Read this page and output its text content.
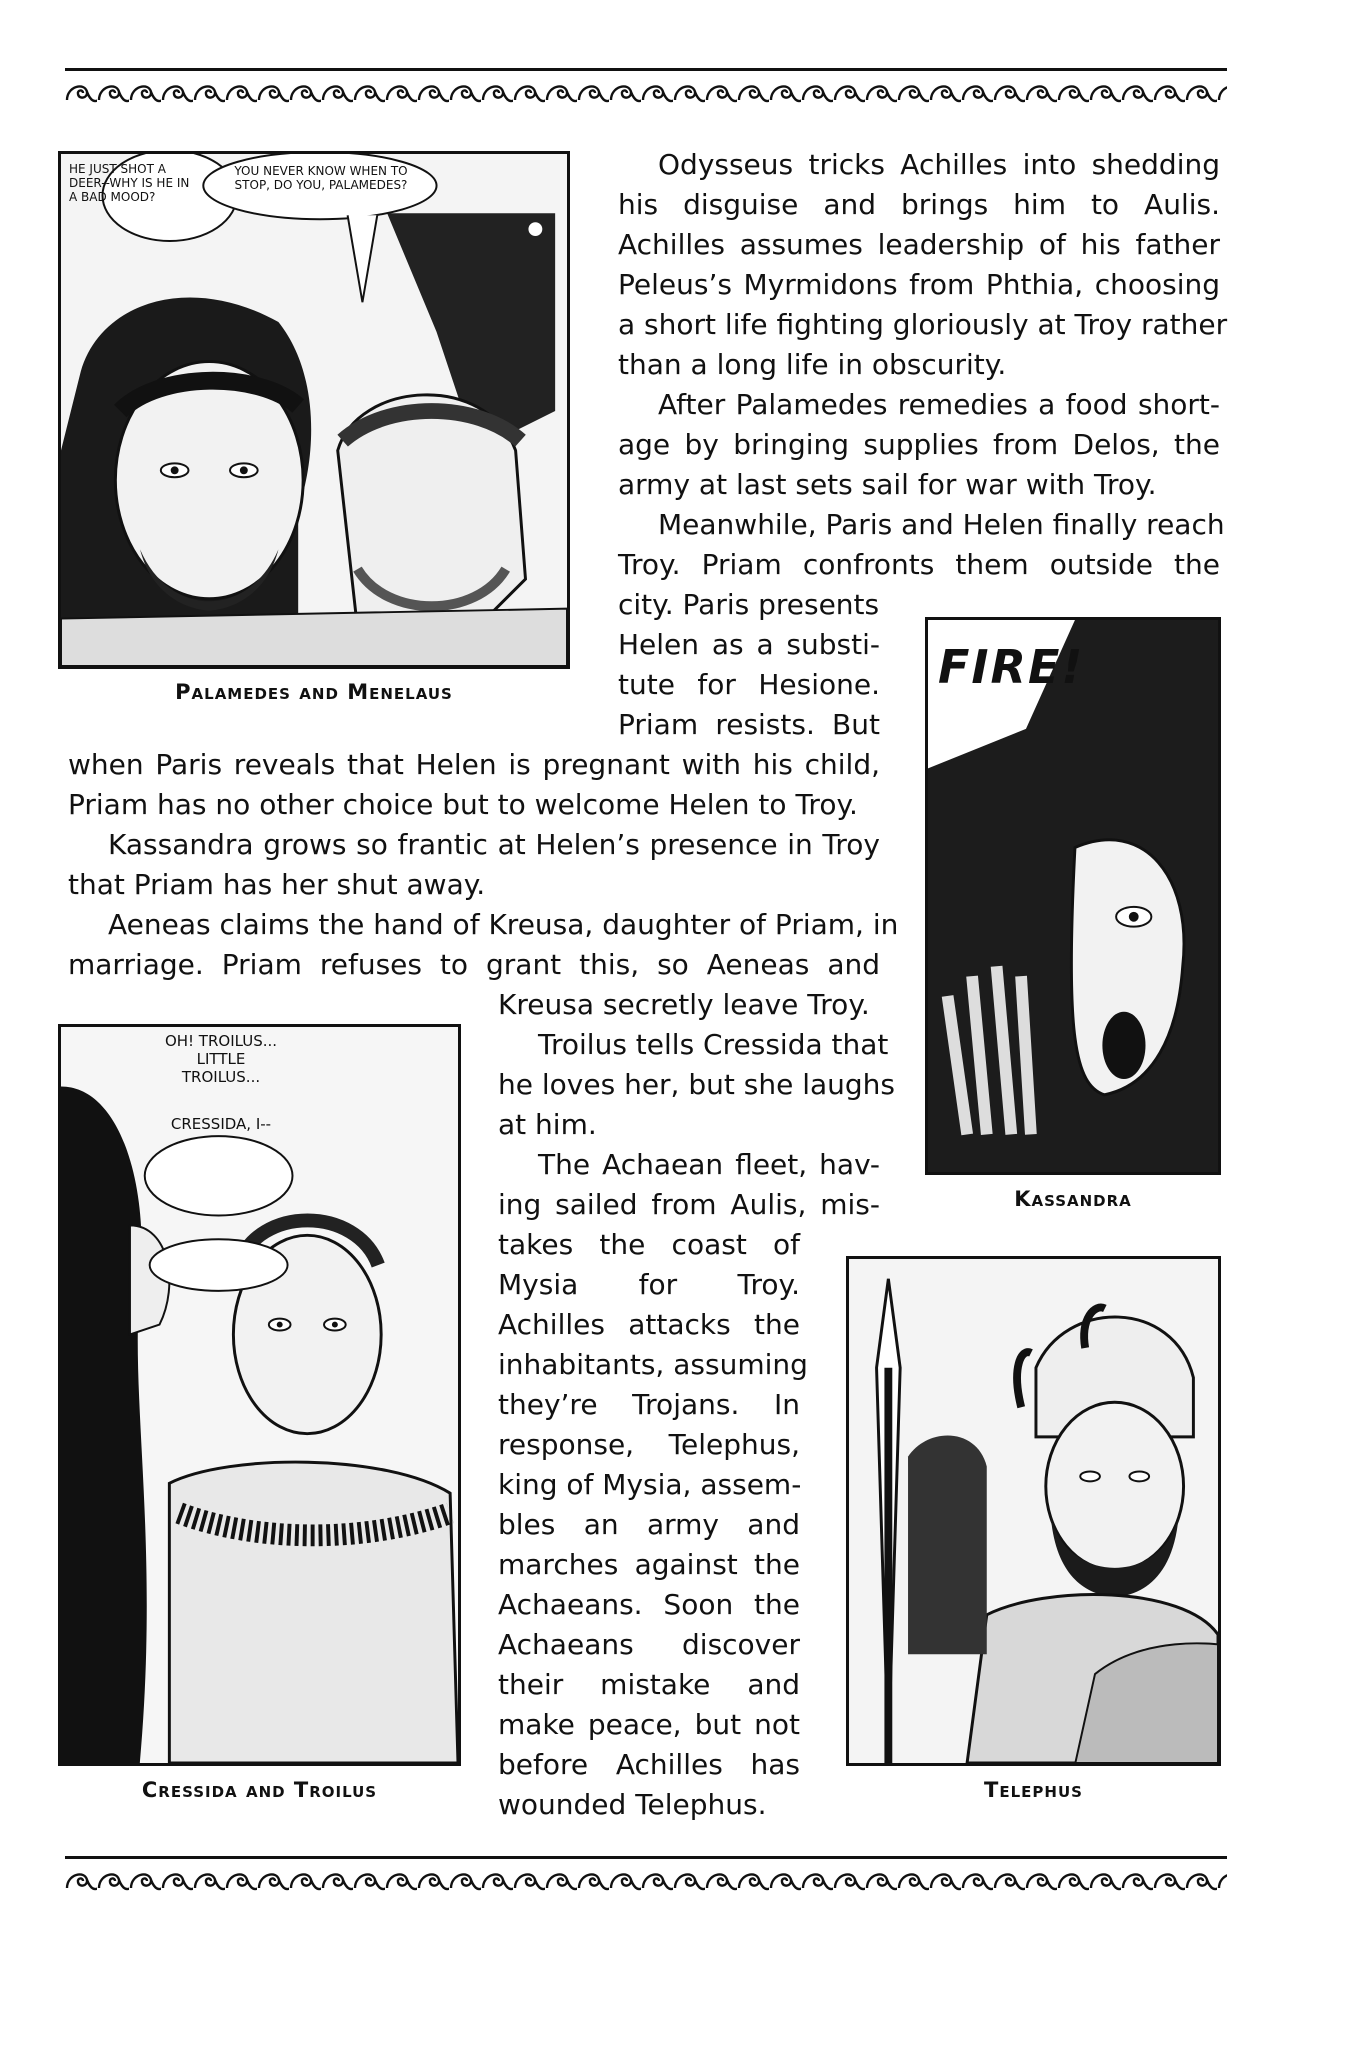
HE JUST SHOT A DEER--WHY IS HE IN A BAD MOOD?
YOU NEVER KNOW WHEN TO STOP, DO YOU, PALAMEDES?
Palamedes and Menelaus	FIRE!
Kassandra
OH! TROILUS... LITTLE TROILUS...
CRESSIDA, I--
Cressida and Troilus	Telephus
Odysseus tricks Achilles into shedding
his disguise and brings him to Aulis.
Achilles assumes leadership of his father
Peleus’s Myrmidons from Phthia, choosing
a short life fighting gloriously at Troy rather
than a long life in obscurity.
After Palamedes remedies a food short-
age by bringing supplies from Delos, the
army at last sets sail for war with Troy.
Meanwhile, Paris and Helen finally reach
Troy. Priam confronts them outside the
city. Paris presents
Helen as a substi-
tute for Hesione.
Priam resists. But
when Paris reveals that Helen is pregnant with his child,
Priam has no other choice but to welcome Helen to Troy.
Kassandra grows so frantic at Helen’s presence in Troy
that Priam has her shut away.
Aeneas claims the hand of Kreusa, daughter of Priam, in
marriage. Priam refuses to grant this, so Aeneas and
Kreusa secretly leave Troy.
Troilus tells Cressida that
he loves her, but she laughs
at him.
The Achaean fleet, hav-
ing sailed from Aulis, mis-
takes the coast of
Mysia for Troy.
Achilles attacks the
inhabitants, assuming
they’re Trojans. In
response, Telephus,
king of Mysia, assem-
bles an army and
marches against the
Achaeans. Soon the
Achaeans discover
their mistake and
make peace, but not
before Achilles has
wounded Telephus.
